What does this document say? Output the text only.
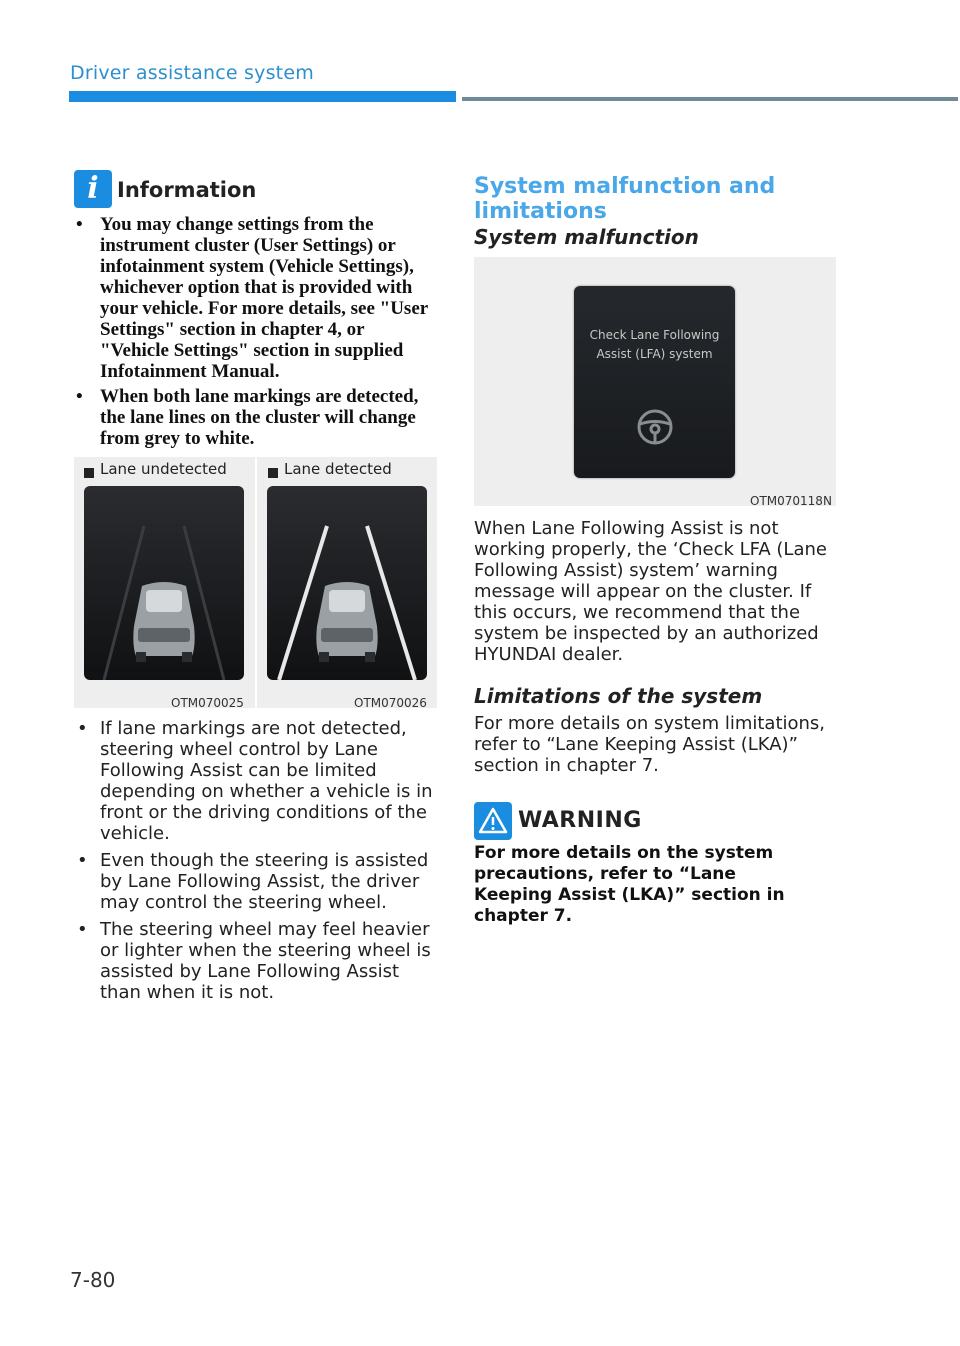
Driver assistance system
i Information
• You may change settings from the instrument cluster (User Settings) or infotainment system (Vehicle Settings), whichever option that is provided with your vehicle. For more details, see "User Settings" section in chapter 4, or "Vehicle Settings" section in supplied Infotainment Manual.
• When both lane markings are detected, the lane lines on the cluster will change from grey to white.
Lane undetected
OTM070025
Lane detected
OTM070026
• If lane markings are not detected, steering wheel control by Lane Following Assist can be limited depending on whether a vehicle is in front or the driving conditions of the vehicle.
• Even though the steering is assisted by Lane Following Assist, the driver may control the steering wheel.
• The steering wheel may feel heavier or lighter when the steering wheel is assisted by Lane Following Assist than when it is not.
System malfunction and limitations
System malfunction
Check Lane Following
Assist (LFA) system
OTM070118N
When Lane Following Assist is not working properly, the ‘Check LFA (Lane Following Assist) system’ warning message will appear on the cluster. If this occurs, we recommend that the system be inspected by an authorized HYUNDAI dealer.
Limitations of the system
For more details on system limitations, refer to “Lane Keeping Assist (LKA)” section in chapter 7.
WARNING
For more details on the system precautions, refer to “Lane Keeping Assist (LKA)” section in chapter 7.
7-80
